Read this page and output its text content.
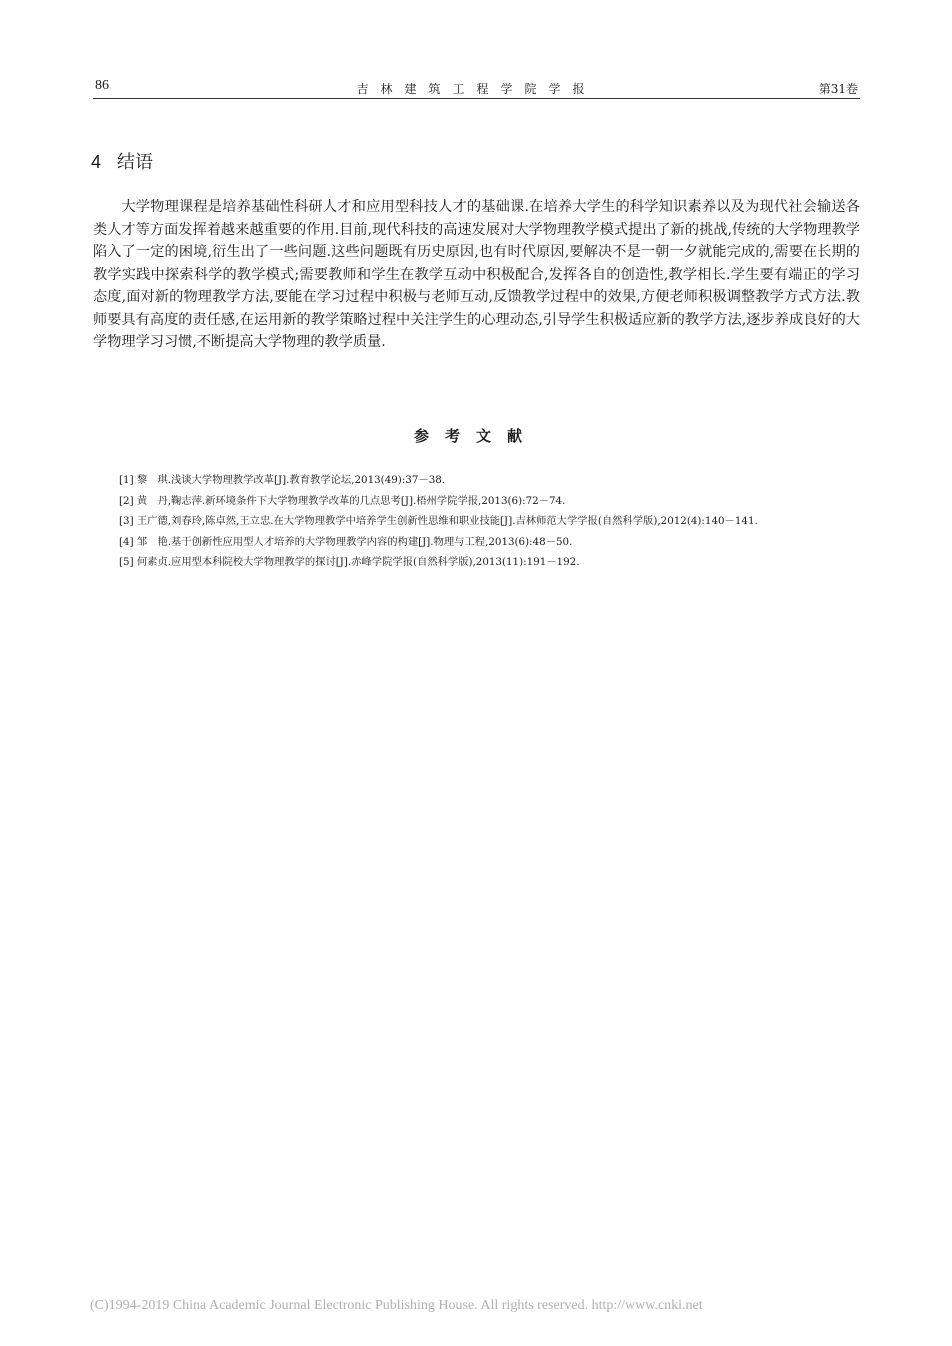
86	吉林建筑工程学院学报	第31卷
4 结语

大学物理课程是培养基础性科研人才和应用型科技人才的基础课.在培养大学生的科学知识素养以及为现代社会输送各类人才等方面发挥着越来越重要的作用.目前,现代科技的高速发展对大学物理教学模式提出了新的挑战,传统的大学物理教学陷入了一定的困境,衍生出了一些问题.这些问题既有历史原因,也有时代原因,要解决不是一朝一夕就能完成的,需要在长期的教学实践中探索科学的教学模式;需要教师和学生在教学互动中积极配合,发挥各自的创造性,教学相长.学生要有端正的学习态度,面对新的物理教学方法,要能在学习过程中积极与老师互动,反馈教学过程中的效果,方便老师积极调整教学方式方法.教师要具有高度的责任感,在运用新的教学策略过程中关注学生的心理动态,引导学生积极适应新的教学方法,逐步养成良好的大学物理学习习惯,不断提高大学物理的教学质量.

参考文献
[1] 黎　琪.浅谈大学物理教学改革[J].教育教学论坛,2013(49):37－38.
[2] 黄　丹,鞠志萍.新环境条件下大学物理教学改革的几点思考[J].梧州学院学报,2013(6):72－74.
[3] 王广德,刘春玲,陈卓然,王立忠.在大学物理教学中培养学生创新性思维和职业技能[J].吉林师范大学学报(自然科学版),2012(4):140－141.
[4] 邹　艳.基于创新性应用型人才培养的大学物理教学内容的构建[J].物理与工程,2013(6):48－50.
[5] 何素贞.应用型本科院校大学物理教学的探讨[J].赤峰学院学报(自然科学版),2013(11):191－192.
(C)1994-2019 China Academic Journal Electronic Publishing House. All rights reserved. http://www.cnki.net
